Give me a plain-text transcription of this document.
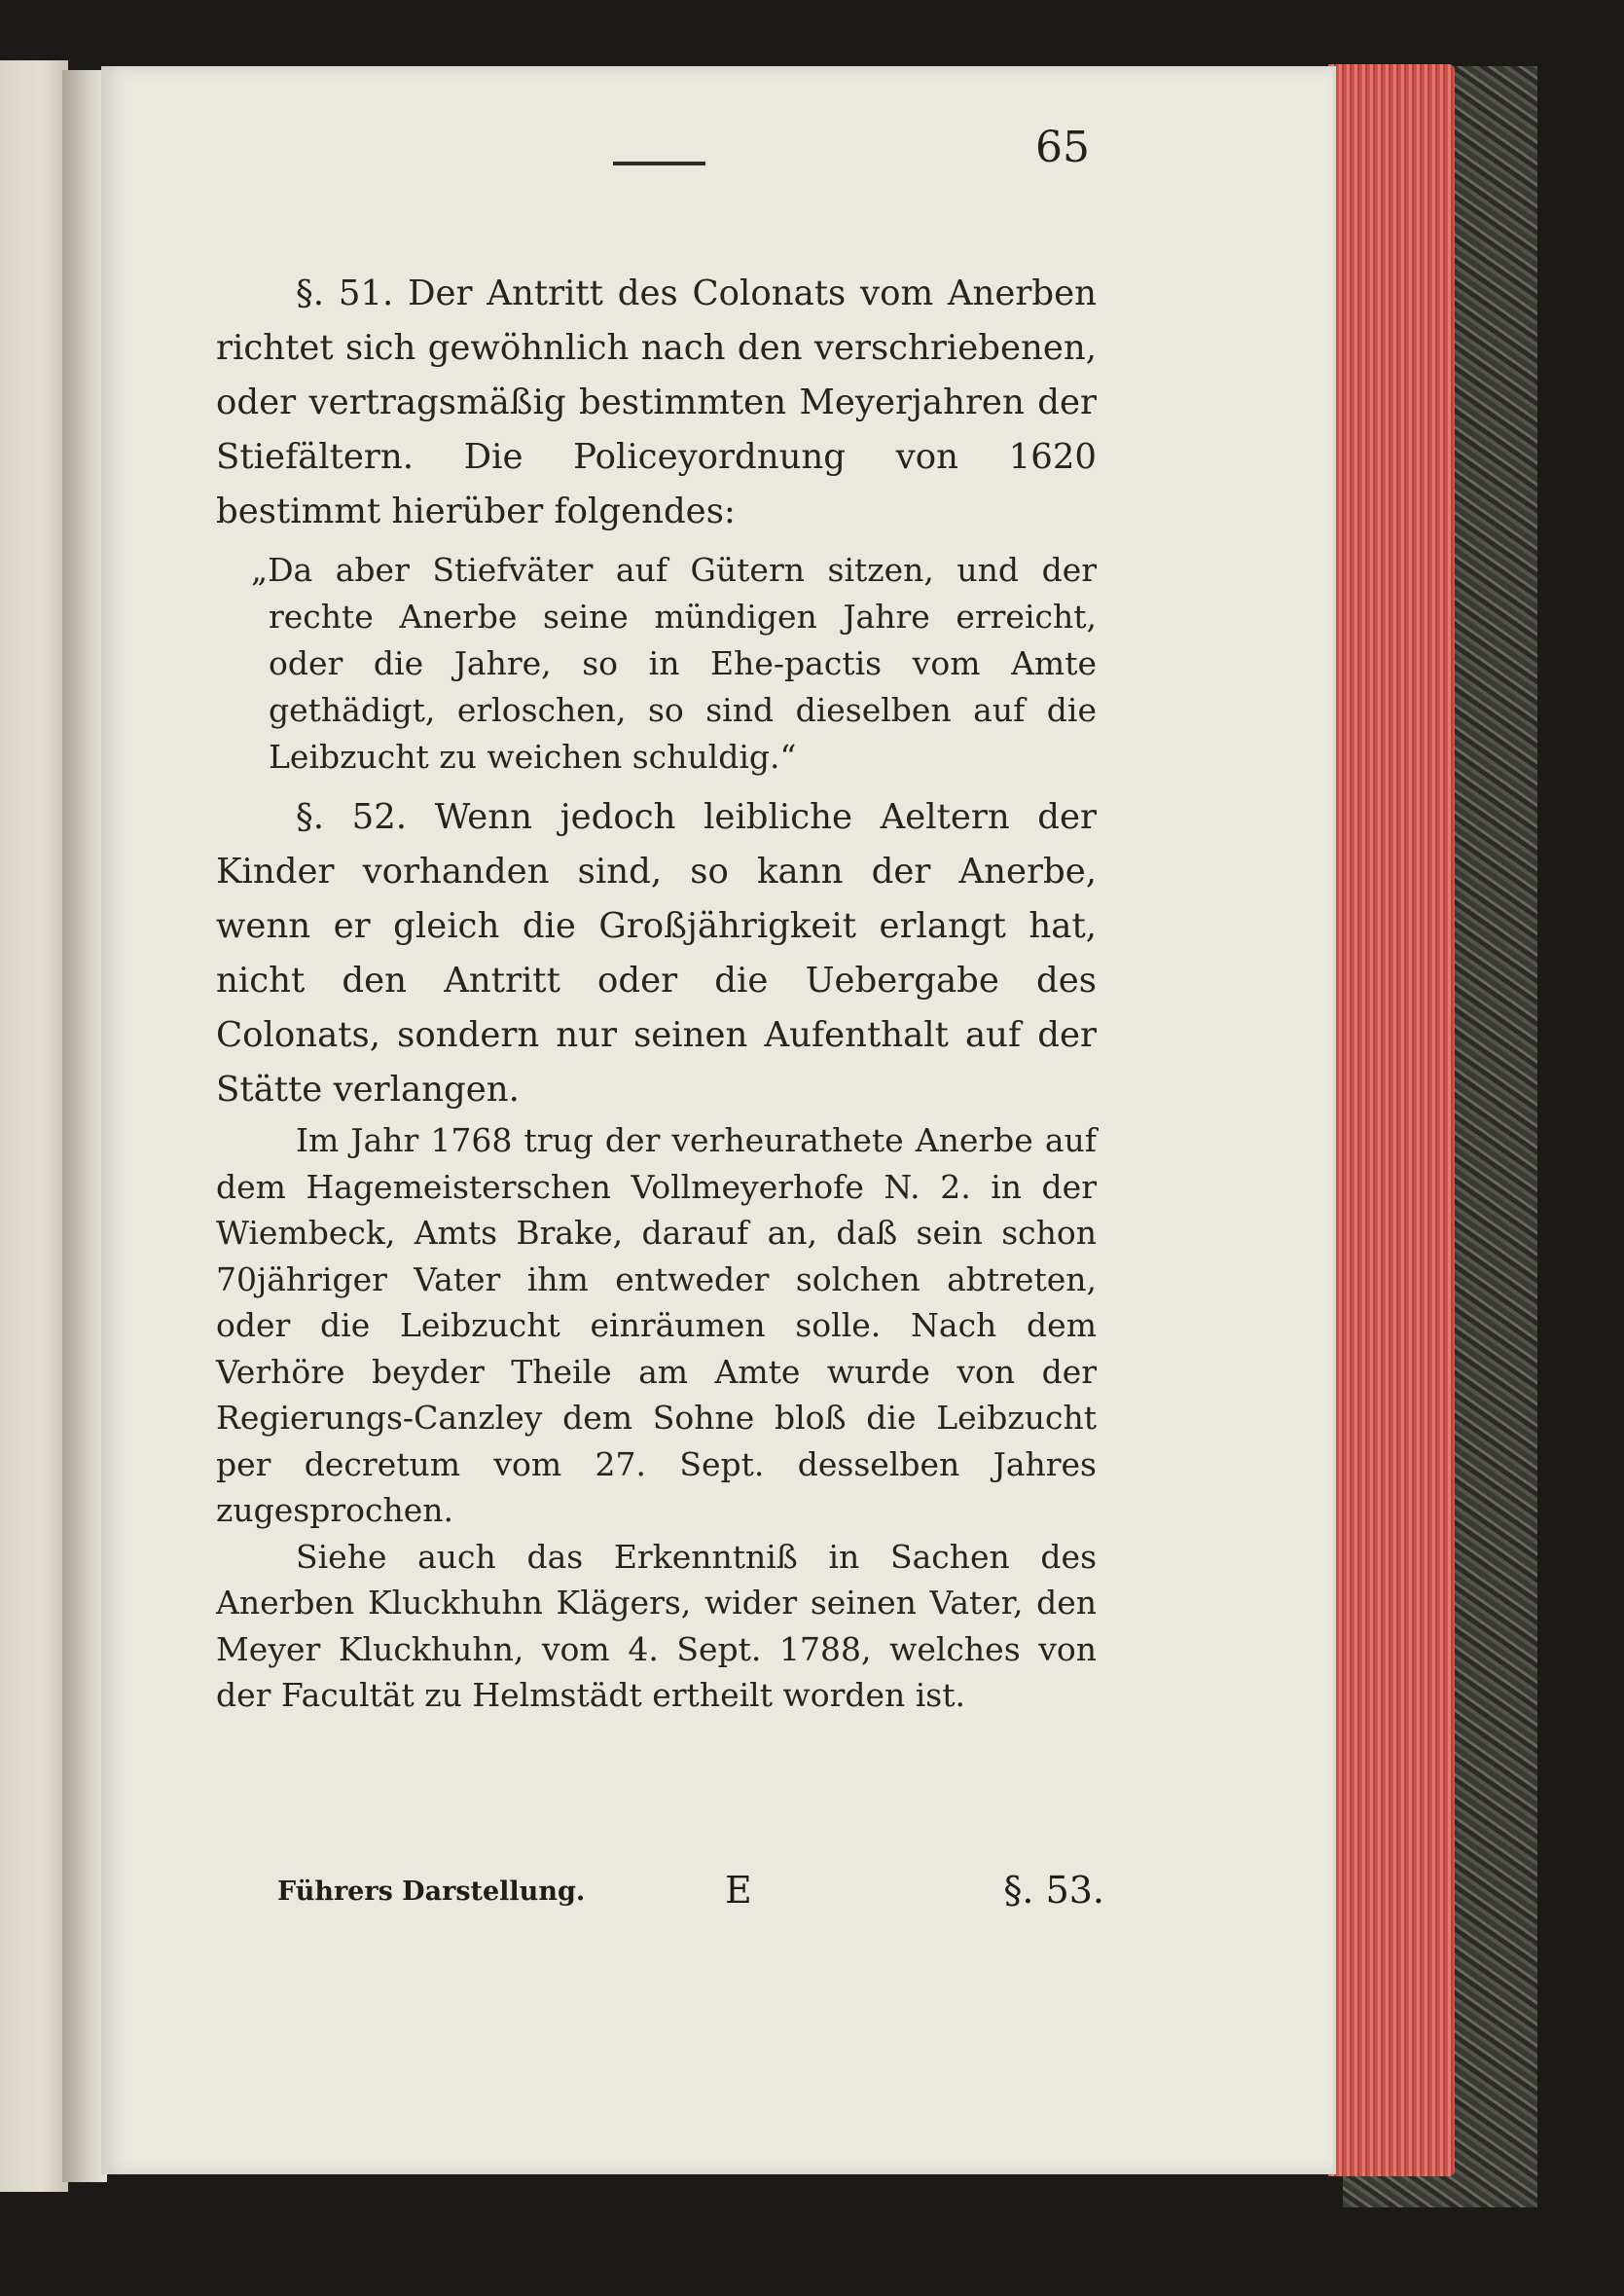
65

§. 51. Der Antritt des Colonats vom Anerben richtet sich gewöhnlich nach den verschriebenen, oder vertragsmäßig bestimmten Meyerjahren der Stiefältern. Die Policeyordnung von 1620 bestimmt hierüber folgendes:

„Da aber Stiefväter auf Gütern sitzen, und der rechte Anerbe seine mündigen Jahre erreicht, oder die Jahre, so in Ehe-pactis vom Amte gethädigt, erloschen, so sind dieselben auf die Leibzucht zu weichen schuldig.“

§. 52. Wenn jedoch leibliche Aeltern der Kinder vorhanden sind, so kann der Anerbe, wenn er gleich die Großjährigkeit erlangt hat, nicht den Antritt oder die Uebergabe des Colonats, sondern nur seinen Aufenthalt auf der Stätte verlangen.

Im Jahr 1768 trug der verheurathete Anerbe auf dem Hagemeisterschen Vollmeyerhofe N. 2. in der Wiembeck, Amts Brake, darauf an, daß sein schon 70jähriger Vater ihm entweder solchen abtreten, oder die Leibzucht einräumen solle. Nach dem Verhöre beyder Theile am Amte wurde von der Regierungs-Canzley dem Sohne bloß die Leibzucht per decretum vom 27. Sept. desselben Jahres zugesprochen.

Siehe auch das Erkenntniß in Sachen des Anerben Kluckhuhn Klägers, wider seinen Vater, den Meyer Kluckhuhn, vom 4. Sept. 1788, welches von der Facultät zu Helmstädt ertheilt worden ist.

Führers Darstellung.	E	§. 53.
